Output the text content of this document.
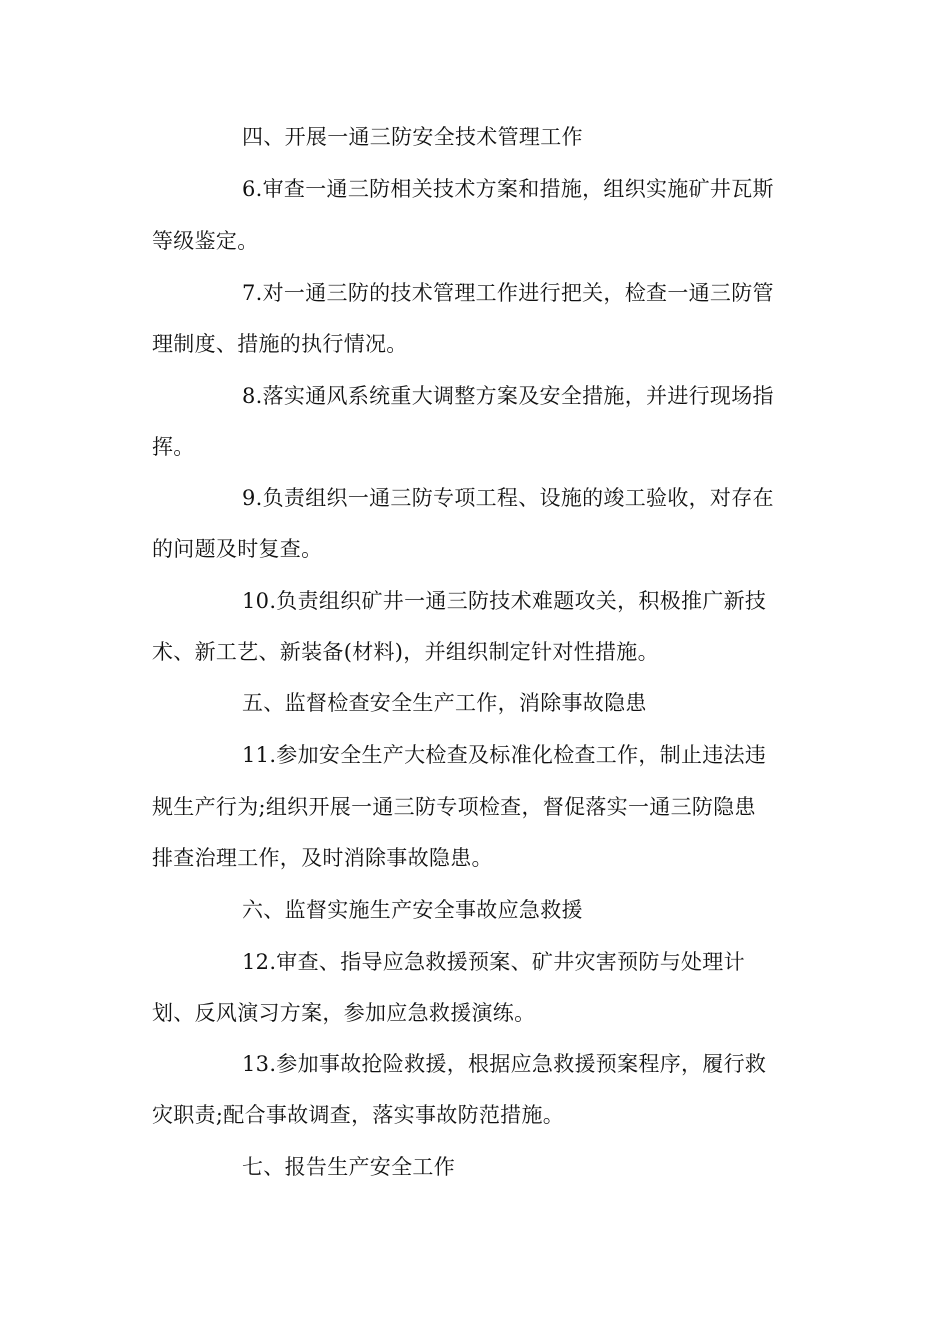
四、开展一通三防安全技术管理工作
6.审查一通三防相关技术方案和措施，组织实施矿井瓦斯
等级鉴定。
7.对一通三防的技术管理工作进行把关，检查一通三防管
理制度、措施的执行情况。
8.落实通风系统重大调整方案及安全措施，并进行现场指
挥。
9.负责组织一通三防专项工程、设施的竣工验收，对存在
的问题及时复查。
10.负责组织矿井一通三防技术难题攻关，积极推广新技
术、新工艺、新装备(材料)，并组织制定针对性措施。
五、监督检查安全生产工作，消除事故隐患
11.参加安全生产大检查及标准化检查工作，制止违法违
规生产行为;组织开展一通三防专项检查，督促落实一通三防隐患
排查治理工作，及时消除事故隐患。
六、监督实施生产安全事故应急救援
12.审查、指导应急救援预案、矿井灾害预防与处理计
划、反风演习方案，参加应急救援演练。
13.参加事故抢险救援，根据应急救援预案程序，履行救
灾职责;配合事故调查，落实事故防范措施。
七、报告生产安全工作
